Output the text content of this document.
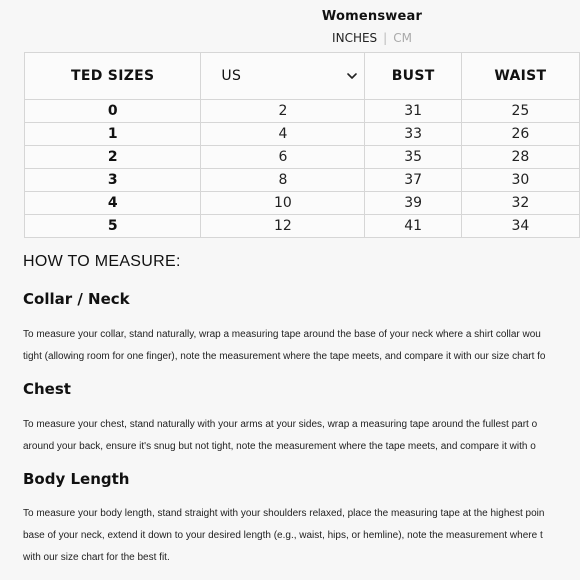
Womenswear
INCHES | CM
TED SIZES	US	BUST	WAIST
0	2	31	25
1	4	33	26
2	6	35	28
3	8	37	30
4	10	39	32
5	12	41	34
HOW TO MEASURE:
Collar / Neck
To measure your collar, stand naturally, wrap a measuring tape around the base of your neck where a shirt collar wou
tight (allowing room for one finger), note the measurement where the tape meets, and compare it with our size chart fo
Chest
To measure your chest, stand naturally with your arms at your sides, wrap a measuring tape around the fullest part o
around your back, ensure it's snug but not tight, note the measurement where the tape meets, and compare it with o
Body Length
To measure your body length, stand straight with your shoulders relaxed, place the measuring tape at the highest poin
base of your neck, extend it down to your desired length (e.g., waist, hips, or hemline), note the measurement where t
with our size chart for the best fit.
